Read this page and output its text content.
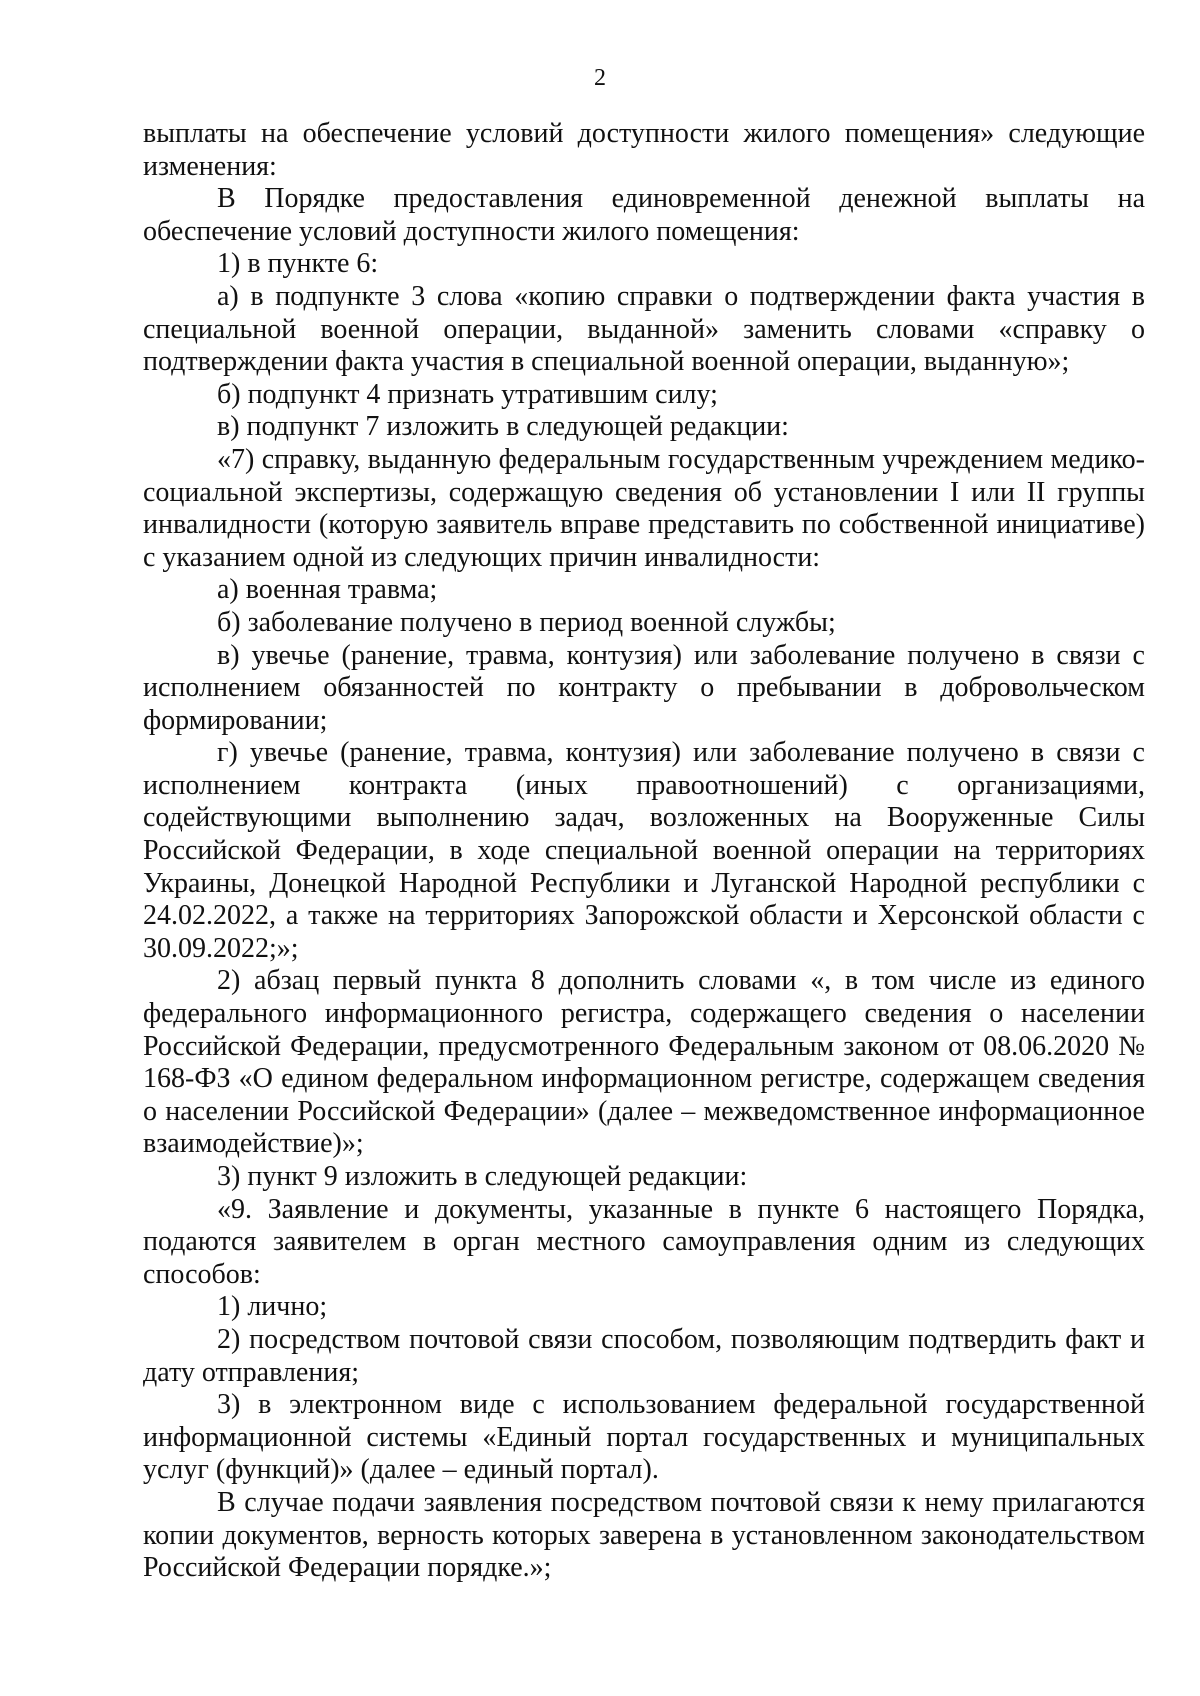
2

выплаты на обеспечение условий доступности жилого помещения» следующие изменения:

В Порядке предоставления единовременной денежной выплаты на обеспечение условий доступности жилого помещения:

1) в пункте 6:

а) в подпункте 3 слова «копию справки о подтверждении факта участия в специальной военной операции, выданной» заменить словами «справку о подтверждении факта участия в специальной военной операции, выданную»;

б) подпункт 4 признать утратившим силу;

в) подпункт 7 изложить в следующей редакции:

«7) справку, выданную федеральным государственным учреждением медико-социальной экспертизы, содержащую сведения об установлении I или II группы инвалидности (которую заявитель вправе представить по собственной инициативе) с указанием одной из следующих причин инвалидности:

а) военная травма;

б) заболевание получено в период военной службы;

в) увечье (ранение, травма, контузия) или заболевание получено в связи с исполнением обязанностей по контракту о пребывании в добровольческом формировании;

г) увечье (ранение, травма, контузия) или заболевание получено в связи с исполнением контракта (иных правоотношений) с организациями, содействующими выполнению задач, возложенных на Вооруженные Силы Российской Федерации, в ходе специальной военной операции на территориях Украины, Донецкой Народной Республики и Луганской Народной республики с 24.02.2022, а также на территориях Запорожской области и Херсонской области с 30.09.2022;»;

2) абзац первый пункта 8 дополнить словами «, в том числе из единого федерального информационного регистра, содержащего сведения о населении Российской Федерации, предусмотренного Федеральным законом от 08.06.2020 № 168-ФЗ «О едином федеральном информационном регистре, содержащем сведения о населении Российской Федерации» (далее – межведомственное информационное взаимодействие)»;

3) пункт 9 изложить в следующей редакции:

«9. Заявление и документы, указанные в пункте 6 настоящего Порядка, подаются заявителем в орган местного самоуправления одним из следующих способов:

1) лично;

2) посредством почтовой связи способом, позволяющим подтвердить факт и дату отправления;

3) в электронном виде с использованием федеральной государственной информационной системы «Единый портал государственных и муниципальных услуг (функций)» (далее – единый портал).

В случае подачи заявления посредством почтовой связи к нему прилагаются копии документов, верность которых заверена в установленном законодательством Российской Федерации порядке.»;
